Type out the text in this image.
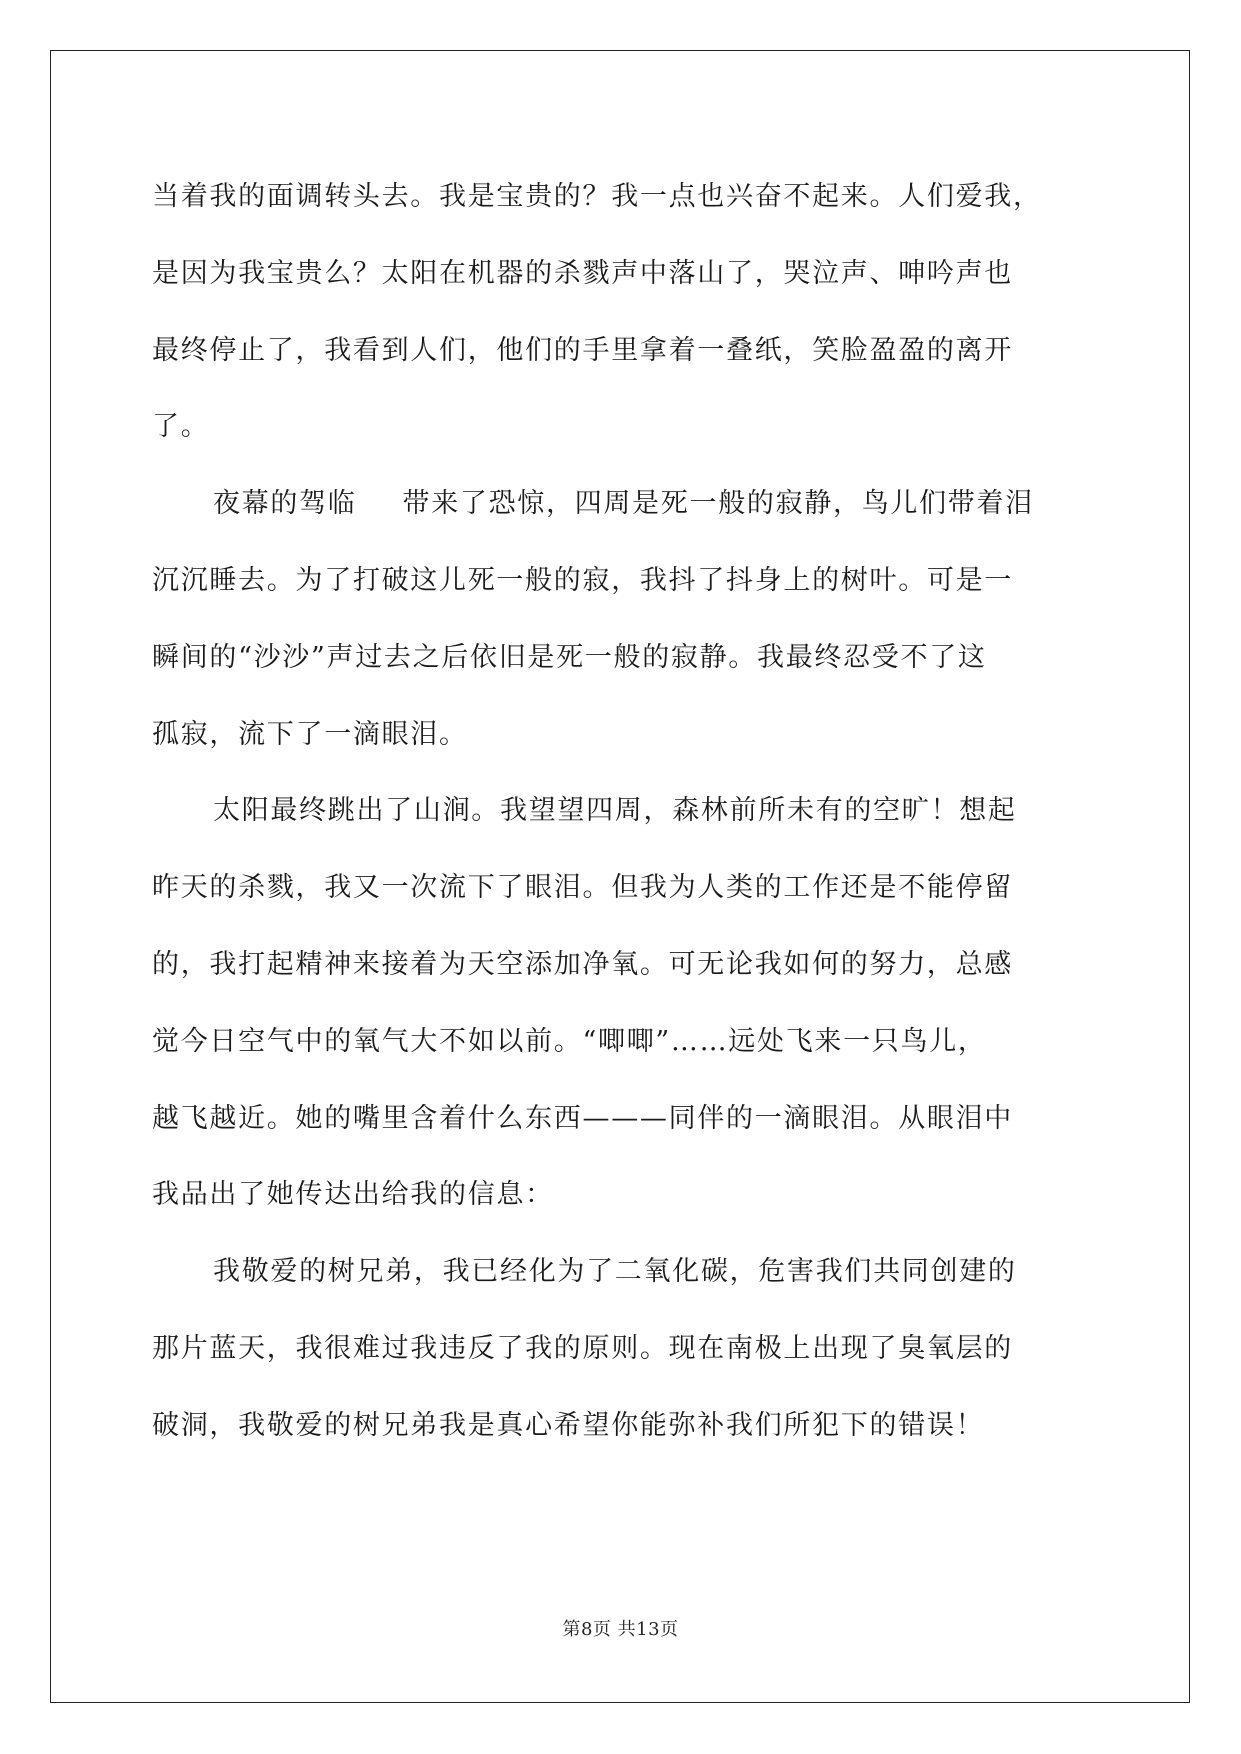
当着我的面调转头去。我是宝贵的？我一点也兴奋不起来。人们爱我，
是因为我宝贵么？太阳在机器的杀戮声中落山了，哭泣声、呻吟声也
最终停止了，我看到人们，他们的手里拿着一叠纸，笑脸盈盈的离开
了。
夜幕的驾临 带来了恐惊，四周是死一般的寂静，鸟儿们带着泪
沉沉睡去。为了打破这儿死一般的寂，我抖了抖身上的树叶。可是一
瞬间的“沙沙”声过去之后依旧是死一般的寂静。我最终忍受不了这
孤寂，流下了一滴眼泪。
太阳最终跳出了山涧。我望望四周，森林前所未有的空旷！想起
昨天的杀戮，我又一次流下了眼泪。但我为人类的工作还是不能停留
的，我打起精神来接着为天空添加净氧。可无论我如何的努力，总感
觉今日空气中的氧气大不如以前。“唧唧”……远处飞来一只鸟儿，
越飞越近。她的嘴里含着什么东西———同伴的一滴眼泪。从眼泪中
我品出了她传达出给我的信息：
我敬爱的树兄弟，我已经化为了二氧化碳，危害我们共同创建的
那片蓝天，我很难过我违反了我的原则。现在南极上出现了臭氧层的
破洞，我敬爱的树兄弟我是真心希望你能弥补我们所犯下的错误！
第8页 共13页
